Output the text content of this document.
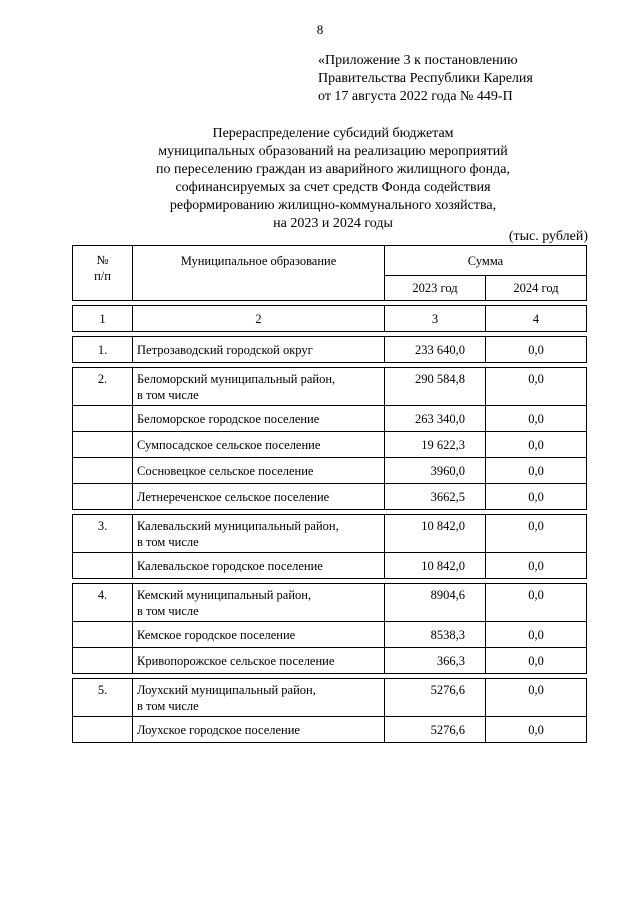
8
«Приложение 3 к постановлению
Правительства Республики Карелия
от 17 августа 2022 года № 449-П
Перераспределение субсидий бюджетам
муниципальных образований на реализацию мероприятий
по переселению граждан из аварийного жилищного фонда,
софинансируемых за счет средств Фонда содействия
реформированию жилищно-коммунального хозяйства,
на 2023 и 2024 годы
(тыс. рублей)
№
п/п	Муниципальное образование	Сумма	
		2023 год	2024 год

1	2	3	4

1.	Петрозаводский городской округ	233 640,0	0,0

2.	Беломорский муниципальный район,
в том числе	290 584,8	0,0

	Беломорское городское поселение	263 340,0	0,0

	Сумпосадское сельское поселение	19 622,3	0,0

	Сосновецкое сельское поселение	3960,0	0,0

	Летнереченское сельское поселение	3662,5	0,0

3.	Калевальский муниципальный район,
в том числе	10 842,0	0,0

	Калевальское городское поселение	10 842,0	0,0

4.	Кемский муниципальный район,
в том числе	8904,6	0,0

	Кемское городское поселение	8538,3	0,0

	Кривопорожское сельское поселение	366,3	0,0

5.	Лоухский муниципальный район,
в том числе	5276,6	0,0

	Лоухское городское поселение	5276,6	0,0
